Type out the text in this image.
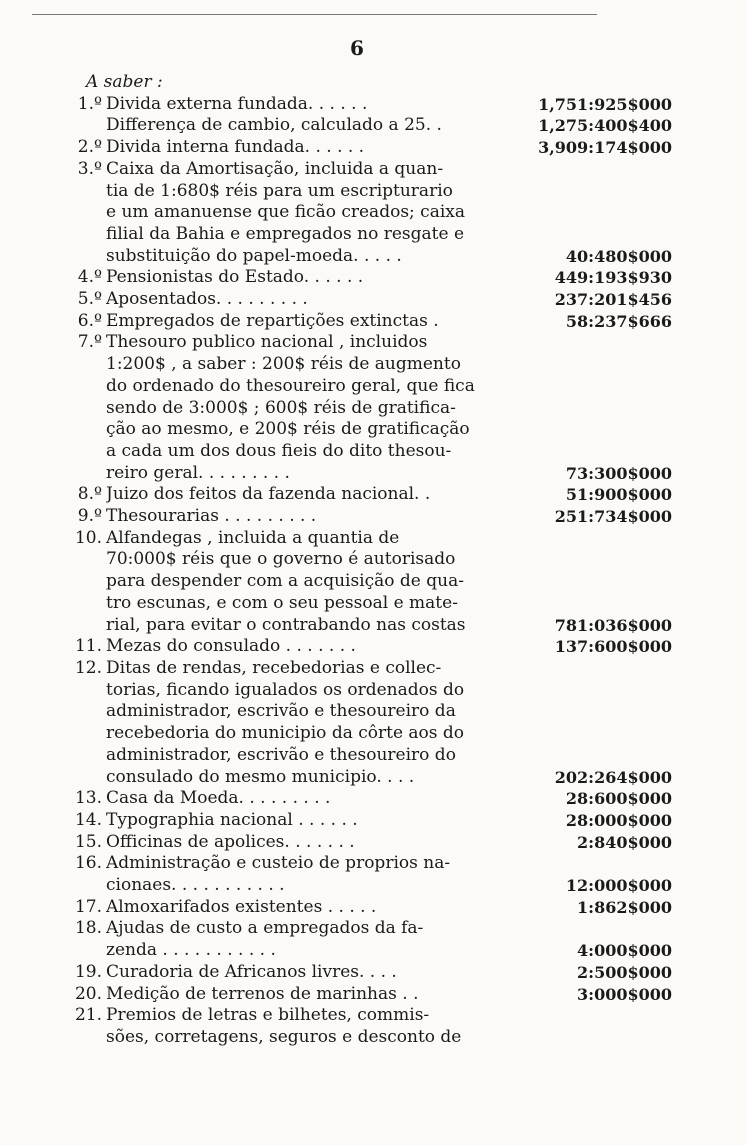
6
A saber :
1.º Divida externa fundada. . . . . .	1,751:925$000
Differença de cambio, calculado a 25. .	1,275:400$400
2.º Divida interna fundada. . . . . .	3,909:174$000
3.º Caixa da Amortisação, incluida a quan-
tia de 1:680$ réis para um escripturario
e um amanuense que ficão creados; caixa
filial da Bahia e empregados no resgate e
substituição do papel-moeda. . . . .	40:480$000
4.º Pensionistas do Estado. . . . . .	449:193$930
5.º Aposentados. . . . . . . . .	237:201$456
6.º Empregados de repartições extinctas .	58:237$666
7.º Thesouro publico nacional , incluidos
1:200$ , a saber : 200$ réis de augmento
do ordenado do thesoureiro geral, que fica
sendo de 3:000$ ; 600$ réis de gratifica-
ção ao mesmo, e 200$ réis de gratificação
a cada um dos dous fieis do dito thesou-
reiro geral. . . . . . . . .	73:300$000
8.º Juizo dos feitos da fazenda nacional. .	51:900$000
9.º Thesourarias . . . . . . . . .	251:734$000
10. Alfandegas , incluida a quantia de
70:000$ réis que o governo é autorisado
para despender com a acquisição de qua-
tro escunas, e com o seu pessoal e mate-
rial, para evitar o contrabando nas costas	781:036$000
11. Mezas do consulado . . . . . . .	137:600$000
12. Ditas de rendas, recebedorias e collec-
torias, ficando igualados os ordenados do
administrador, escrivão e thesoureiro da
recebedoria do municipio da côrte aos do
administrador, escrivão e thesoureiro do
consulado do mesmo municipio. . . .	202:264$000
13. Casa da Moeda. . . . . . . . .	28:600$000
14. Typographia nacional . . . . . .	28:000$000
15. Officinas de apolices. . . . . . .	2:840$000
16. Administração e custeio de proprios na-
cionaes. . . . . . . . . . .	12:000$000
17. Almoxarifados existentes . . . . .	1:862$000
18. Ajudas de custo a empregados da fa-
zenda . . . . . . . . . . .	4:000$000
19. Curadoria de Africanos livres. . . .	2:500$000
20. Medição de terrenos de marinhas . .	3:000$000
21. Premios de letras e bilhetes, commis-
sões, corretagens, seguros e desconto de
